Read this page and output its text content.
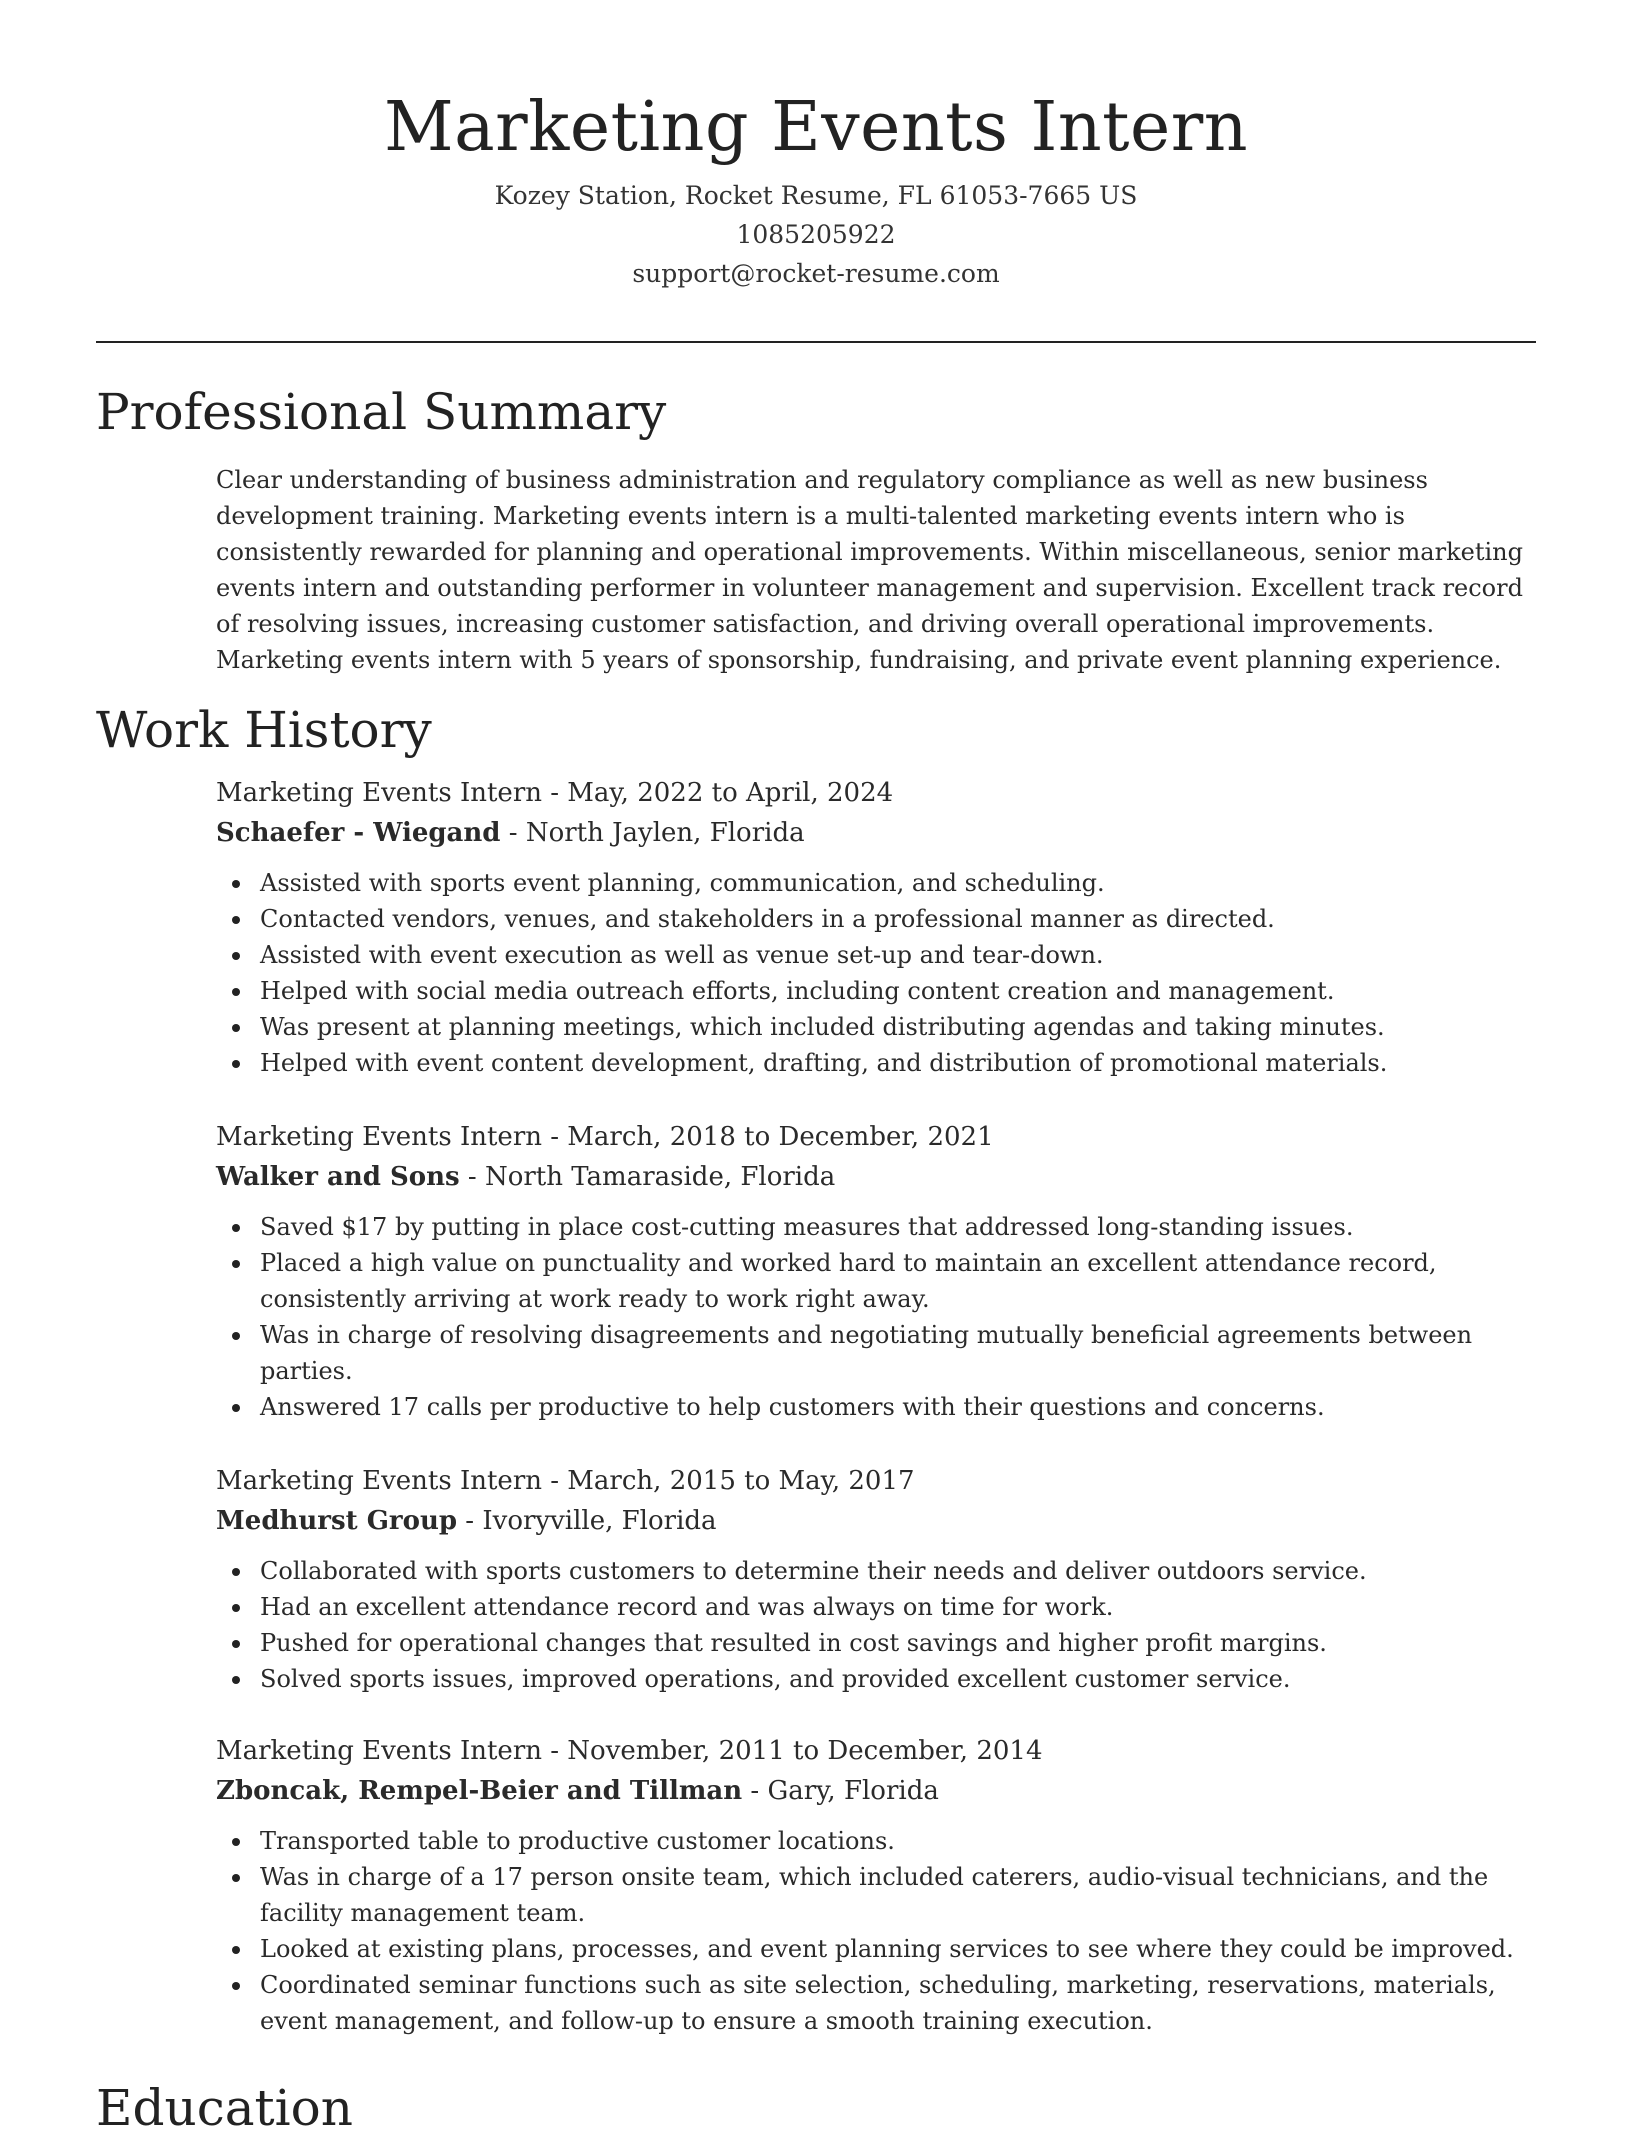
Marketing Events Intern
Kozey Station, Rocket Resume, FL 61053-7665 US
1085205922
support@rocket-resume.com
Professional Summary
Clear understanding of business administration and regulatory compliance as well as new business development training. Marketing events intern is a multi-talented marketing events intern who is consistently rewarded for planning and operational improvements. Within miscellaneous, senior marketing events intern and outstanding performer in volunteer management and supervision. Excellent track record of resolving issues, increasing customer satisfaction, and driving overall operational improvements. Marketing events intern with 5 years of sponsorship, fundraising, and private event planning experience.
Work History
Marketing Events Intern - May, 2022 to April, 2024
Schaefer - Wiegand - North Jaylen, Florida
Assisted with sports event planning, communication, and scheduling.
Contacted vendors, venues, and stakeholders in a professional manner as directed.
Assisted with event execution as well as venue set-up and tear-down.
Helped with social media outreach efforts, including content creation and management.
Was present at planning meetings, which included distributing agendas and taking minutes.
Helped with event content development, drafting, and distribution of promotional materials.
Marketing Events Intern - March, 2018 to December, 2021
Walker and Sons - North Tamaraside, Florida
Saved $17 by putting in place cost-cutting measures that addressed long-standing issues.
Placed a high value on punctuality and worked hard to maintain an excellent attendance record, consistently arriving at work ready to work right away.
Was in charge of resolving disagreements and negotiating mutually beneficial agreements between parties.
Answered 17 calls per productive to help customers with their questions and concerns.
Marketing Events Intern - March, 2015 to May, 2017
Medhurst Group - Ivoryville, Florida
Collaborated with sports customers to determine their needs and deliver outdoors service.
Had an excellent attendance record and was always on time for work.
Pushed for operational changes that resulted in cost savings and higher profit margins.
Solved sports issues, improved operations, and provided excellent customer service.
Marketing Events Intern - November, 2011 to December, 2014
Zboncak, Rempel-Beier and Tillman - Gary, Florida
Transported table to productive customer locations.
Was in charge of a 17 person onsite team, which included caterers, audio-visual technicians, and the facility management team.
Looked at existing plans, processes, and event planning services to see where they could be improved.
Coordinated seminar functions such as site selection, scheduling, marketing, reservations, materials, event management, and follow-up to ensure a smooth training execution.
Education
